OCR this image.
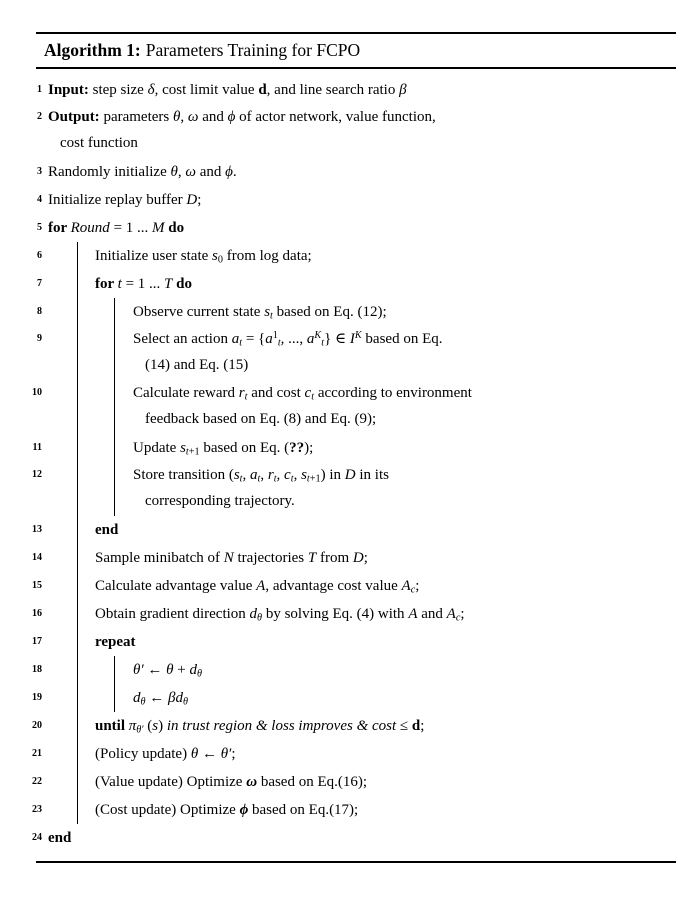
Algorithm 1: Parameters Training for FCPO
1 Input: step size δ, cost limit value d, and line search ratio β
2 Output: parameters θ, ω and ϕ of actor network, value function,
cost function
3 Randomly initialize θ, ω and ϕ.
4 Initialize replay buffer D;
5 for Round = 1 ... M do
6	Initialize user state s0 from log data;
7	for t = 1 ... T do
8	Observe current state st based on Eq. (12);
9	Select an action at = {$a^1t$, ..., $a^Kt$} ∈ $I^K$ based on Eq.
(14) and Eq. (15)
10	Calculate reward rt and cost ct according to environment
feedback based on Eq. (8) and Eq. (9);
11	Update st+1 based on Eq. (??);
12	Store transition (st, at, rt, ct, st+1) in D in its
corresponding trajectory.
13	end
14	Sample minibatch of N trajectories T from D;
15	Calculate advantage value A, advantage cost value Ac;
16	Obtain gradient direction dθ by solving Eq. (4) with A and Ac;
17	repeat
18	θ′ ← θ + dθ
19	dθ ← βdθ
20	until πθ′ (s) in trust region & loss improves & cost ≤ d;
21	(Policy update) θ ← θ′;
22	(Value update) Optimize ω based on Eq.(16);
23	(Cost update) Optimize ϕ based on Eq.(17);
24 end
